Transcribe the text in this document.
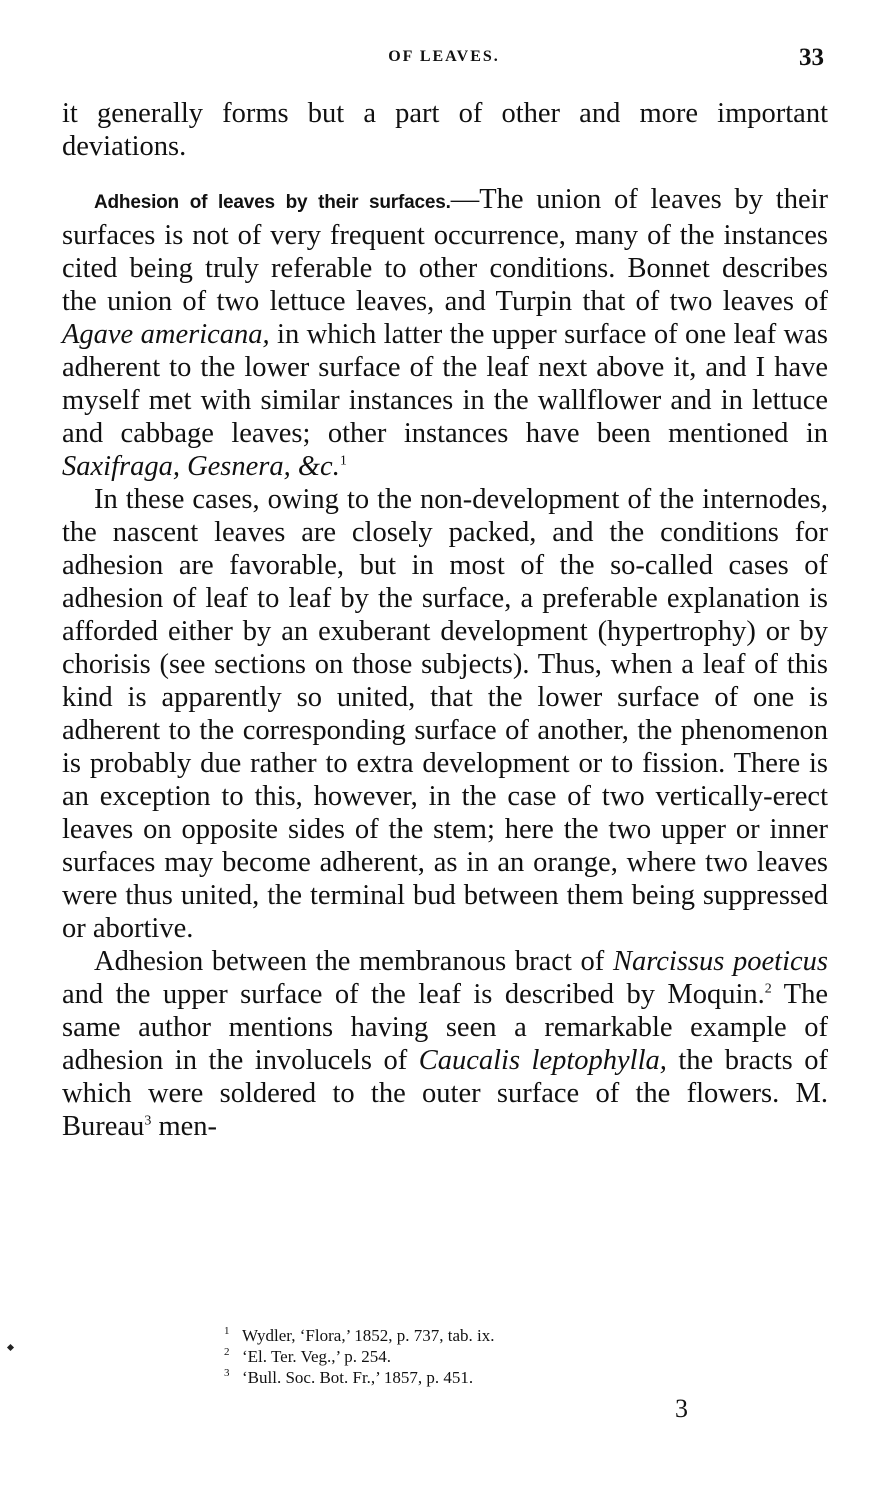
OF LEAVES.	33

it generally forms but a part of other and more important deviations.

Adhesion of leaves by their surfaces.—The union of leaves by their surfaces is not of very frequent occurrence, many of the instances cited being truly referable to other conditions. Bonnet describes the union of two lettuce leaves, and Turpin that of two leaves of Agave americana, in which latter the upper surface of one leaf was adherent to the lower surface of the leaf next above it, and I have myself met with similar instances in the wallflower and in lettuce and cabbage leaves; other instances have been mentioned in Saxifraga, Gesnera, &c.$^1$

In these cases, owing to the non-development of the internodes, the nascent leaves are closely packed, and the conditions for adhesion are favorable, but in most of the so-called cases of adhesion of leaf to leaf by the surface, a preferable explanation is afforded either by an exuberant development (hypertrophy) or by chorisis (see sections on those subjects). Thus, when a leaf of this kind is apparently so united, that the lower surface of one is adherent to the corresponding surface of another, the phenomenon is probably due rather to extra development or to fission. There is an exception to this, however, in the case of two vertically-erect leaves on opposite sides of the stem; here the two upper or inner surfaces may become adherent, as in an orange, where two leaves were thus united, the terminal bud between them being suppressed or abortive.

Adhesion between the membranous bract of Narcissus poeticus and the upper surface of the leaf is described by Moquin.$^2$ The same author mentions having seen a remarkable example of adhesion in the involucels of Caucalis leptophylla, the bracts of which were soldered to the outer surface of the flowers. M. Bureau$^3$ men-

1 Wydler, ‘Flora,’ 1852, p. 737, tab. ix.
2 ‘El. Ter. Veg.,’ p. 254.
3 ‘Bull. Soc. Bot. Fr.,’ 1857, p. 451.
3
